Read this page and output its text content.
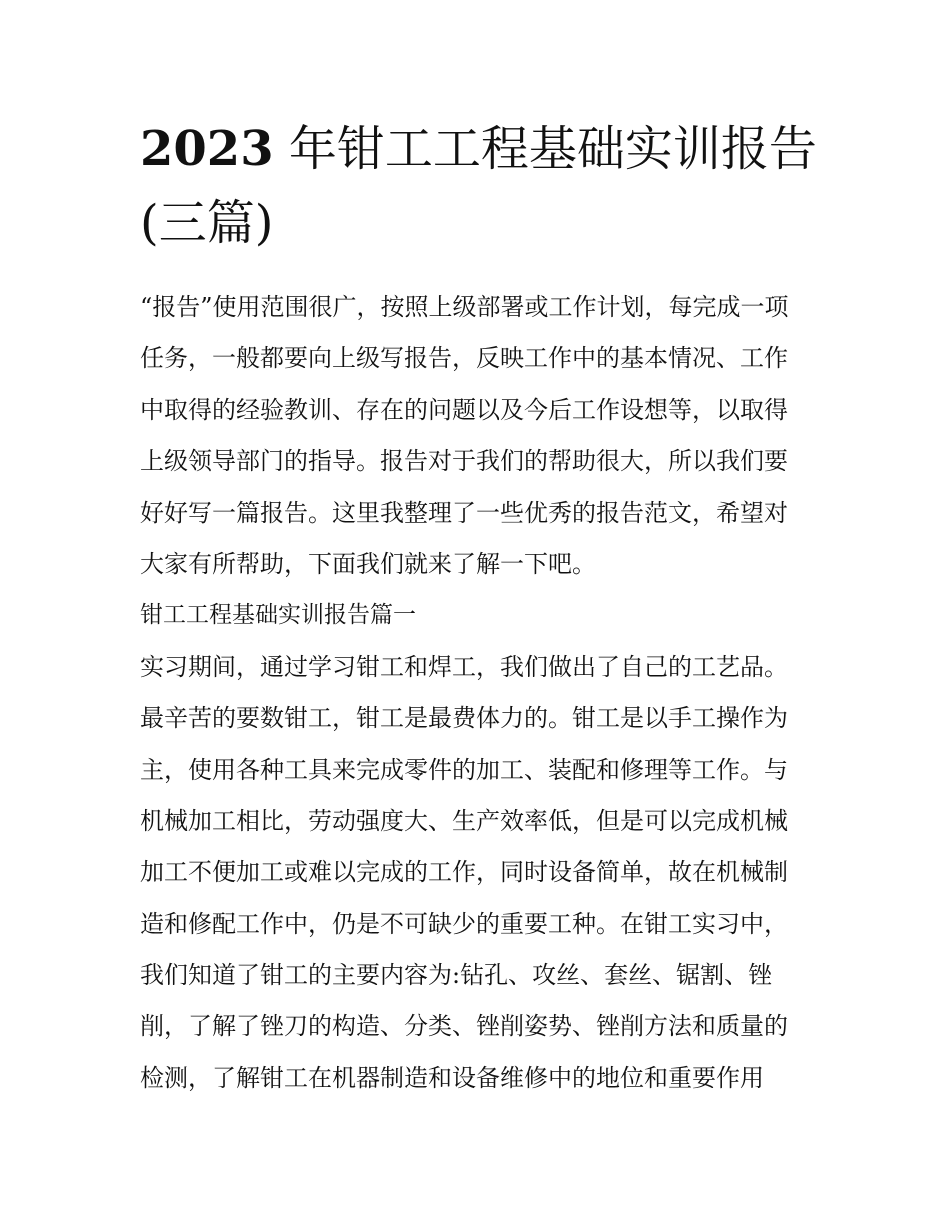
2023 年钳工工程基础实训报告
(三篇)
“报告”使用范围很广，按照上级部署或工作计划，每完成一项
任务，一般都要向上级写报告，反映工作中的基本情况、工作
中取得的经验教训、存在的问题以及今后工作设想等，以取得
上级领导部门的指导。报告对于我们的帮助很大，所以我们要
好好写一篇报告。这里我整理了一些优秀的报告范文，希望对
大家有所帮助，下面我们就来了解一下吧。
钳工工程基础实训报告篇一
实习期间，通过学习钳工和焊工，我们做出了自己的工艺品。
最辛苦的要数钳工，钳工是最费体力的。钳工是以手工操作为
主，使用各种工具来完成零件的加工、装配和修理等工作。与
机械加工相比，劳动强度大、生产效率低，但是可以完成机械
加工不便加工或难以完成的工作，同时设备简单，故在机械制
造和修配工作中，仍是不可缺少的重要工种。在钳工实习中，
我们知道了钳工的主要内容为:钻孔、攻丝、套丝、锯割、锉
削，了解了锉刀的构造、分类、锉削姿势、锉削方法和质量的
检测，了解钳工在机器制造和设备维修中的地位和重要作用
